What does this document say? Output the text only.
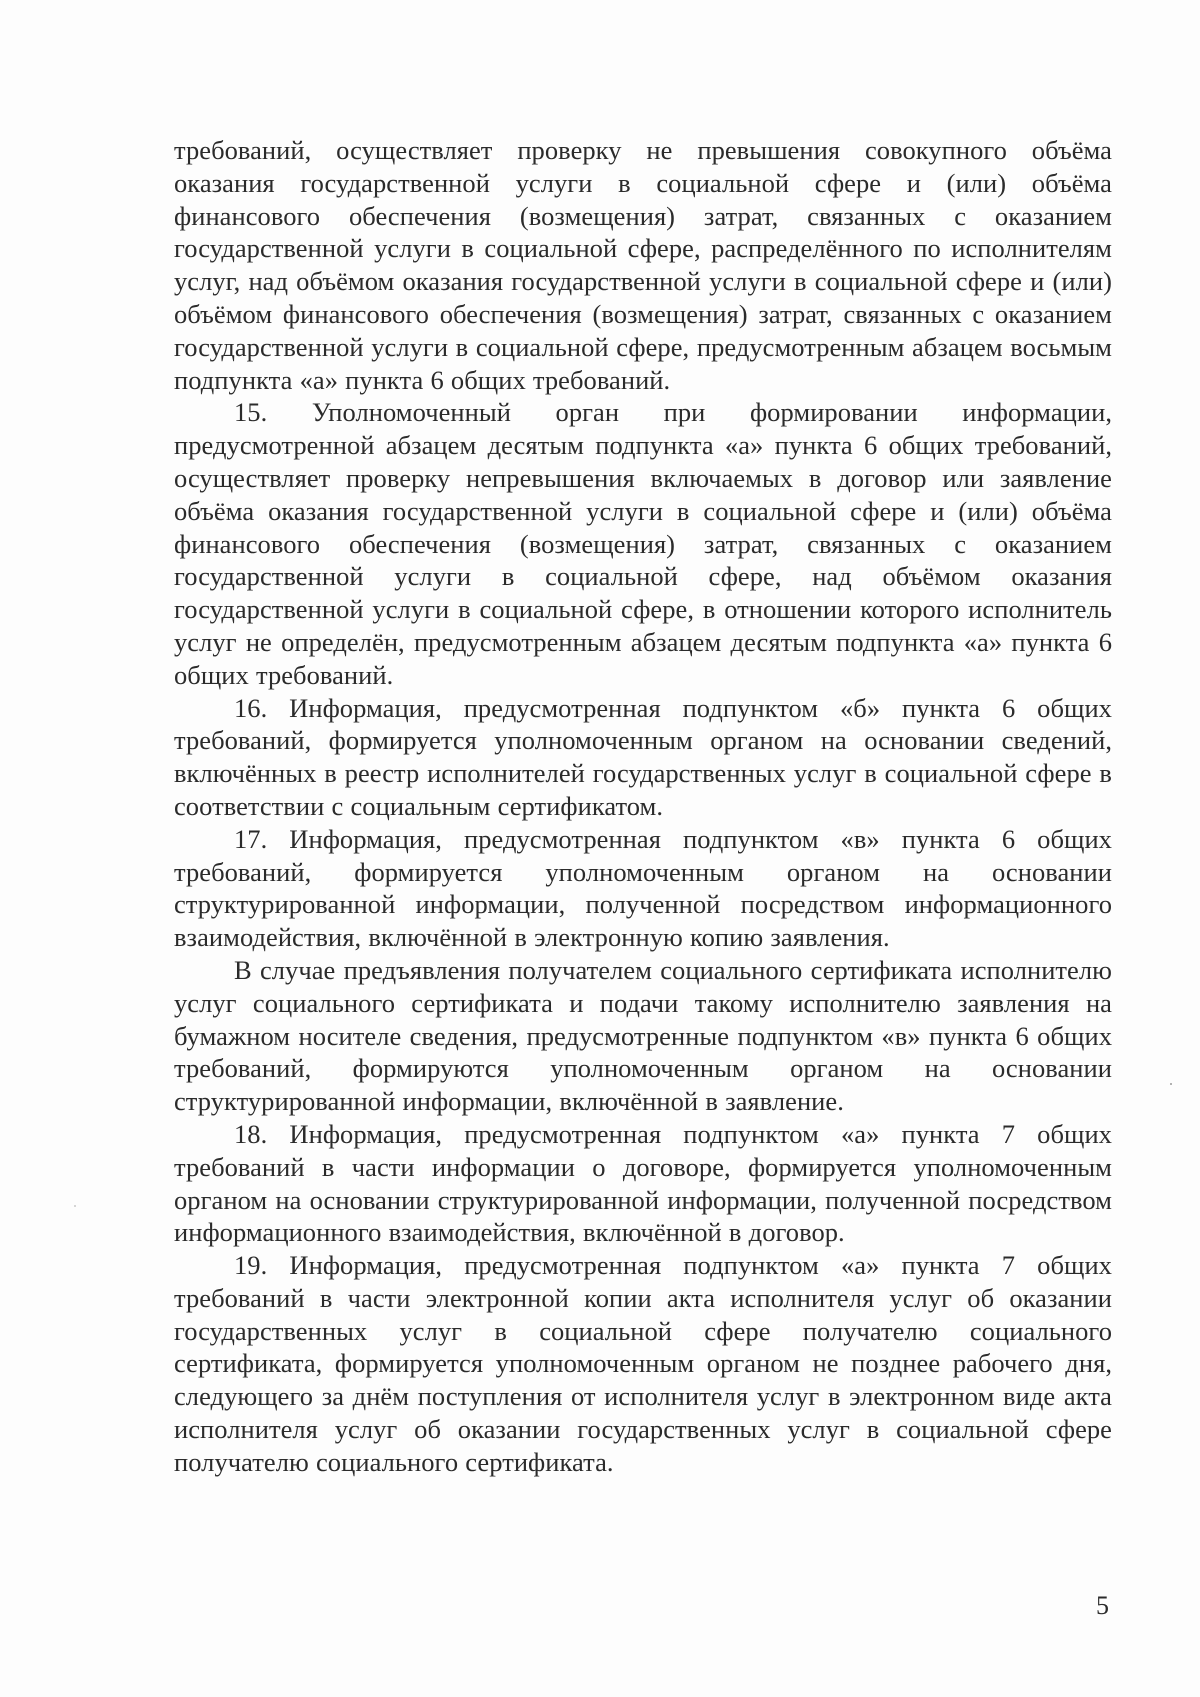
требований, осуществляет проверку не превышения совокупного объёма оказания государственной услуги в социальной сфере и (или) объёма финансового обеспечения (возмещения) затрат, связанных с оказанием государственной услуги в социальной сфере, распределённого по исполнителям услуг, над объёмом оказания государственной услуги в социальной сфере и (или) объёмом финансового обеспечения (возмещения) затрат, связанных с оказанием государственной услуги в социальной сфере, предусмотренным абзацем восьмым подпункта «а» пункта 6 общих требований.

15. Уполномоченный орган при формировании информации, предусмотренной абзацем десятым подпункта «а» пункта 6 общих требований, осуществляет проверку непревышения включаемых в договор или заявление объёма оказания государственной услуги в социальной сфере и (или) объёма финансового обеспечения (возмещения) затрат, связанных с оказанием государственной услуги в социальной сфере, над объёмом оказания государственной услуги в социальной сфере, в отношении которого исполнитель услуг не определён, предусмотренным абзацем десятым подпункта «а» пункта 6 общих требований.

16. Информация, предусмотренная подпунктом «б» пункта 6 общих требований, формируется уполномоченным органом на основании сведений, включённых в реестр исполнителей государственных услуг в социальной сфере в соответствии с социальным сертификатом.

17. Информация, предусмотренная подпунктом «в» пункта 6 общих требований, формируется уполномоченным органом на основании структурированной информации, полученной посредством информационного взаимодействия, включённой в электронную копию заявления.

В случае предъявления получателем социального сертификата исполнителю услуг социального сертификата и подачи такому исполнителю заявления на бумажном носителе сведения, предусмотренные подпунктом «в» пункта 6 общих требований, формируются уполномоченным органом на основании структурированной информации, включённой в заявление.

18. Информация, предусмотренная подпунктом «а» пункта 7 общих требований в части информации о договоре, формируется уполномоченным органом на основании структурированной информации, полученной посредством информационного взаимодействия, включённой в договор.

19. Информация, предусмотренная подпунктом «а» пункта 7 общих требований в части электронной копии акта исполнителя услуг об оказании государственных услуг в социальной сфере получателю социального сертификата, формируется уполномоченным органом не позднее рабочего дня, следующего за днём поступления от исполнителя услуг в электронном виде акта исполнителя услуг об оказании государственных услуг в социальной сфере получателю социального сертификата.

5
